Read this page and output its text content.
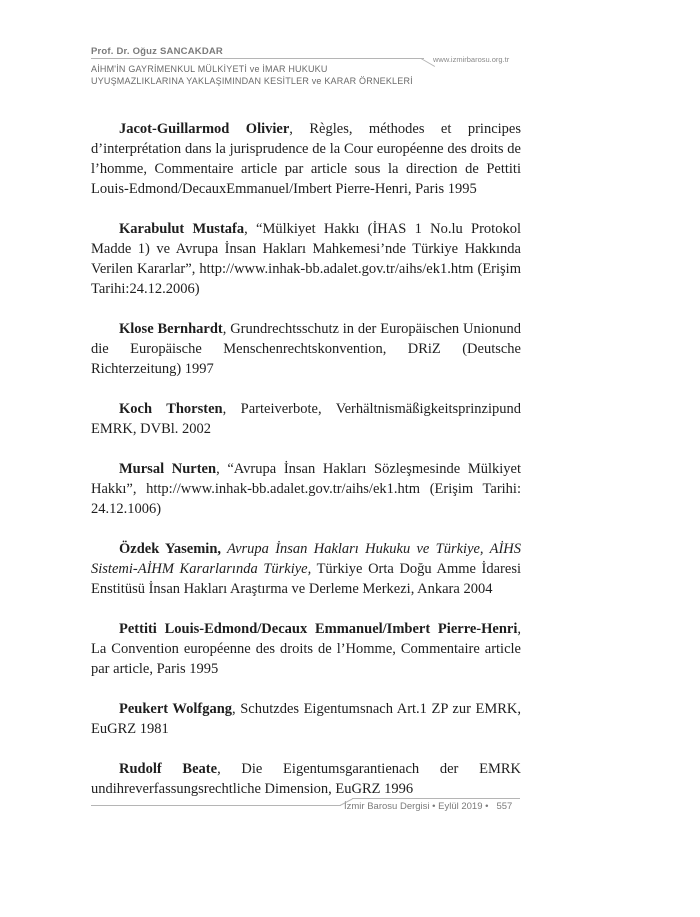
Prof. Dr. Oğuz SANCAKDAR
www.izmirbarosu.org.tr
AİHM'İN GAYRİMENKUL MÜLKİYETİ ve İMAR HUKUKU
UYUŞMAZLIKLARINA YAKLAŞIMINDAN KESİTLER ve KARAR ÖRNEKLERİ

Jacot-Guillarmod Olivier, Règles, méthodes et principes d’interprétation dans la jurisprudence de la Cour européenne des droits de l’homme, Commentaire article par article sous la direction de Pettiti Louis-Edmond/DecauxEmmanuel/Imbert Pierre-Henri, Paris 1995

Karabulut Mustafa, “Mülkiyet Hakkı (İHAS 1 No.lu Protokol Madde 1) ve Avrupa İnsan Hakları Mahkemesi’nde Türkiye Hakkında Verilen Kararlar”, http://www.inhak-bb.adalet.gov.tr/aihs/ek1.htm (Erişim Tarihi:24.12.2006)

Klose Bernhardt, Grundrechtsschutz in der Europäischen Unionund die Europäische Menschenrechtskonvention, DRiZ (Deutsche Richterzeitung) 1997

Koch Thorsten, Parteiverbote, Verhältnismäßigkeitsprinzipund EMRK, DVBl. 2002

Mursal Nurten, “Avrupa İnsan Hakları Sözleşmesinde Mülkiyet Hakkı”, http://www.inhak-bb.adalet.gov.tr/aihs/ek1.htm (Erişim Tarihi: 24.12.1006)

Özdek Yasemin, Avrupa İnsan Hakları Hukuku ve Türkiye, AİHS Sistemi-AİHM Kararlarında Türkiye, Türkiye Orta Doğu Amme İdaresi Enstitüsü İnsan Hakları Araştırma ve Derleme Merkezi, Ankara 2004

Pettiti Louis-Edmond/Decaux Emmanuel/Imbert Pierre-Henri, La Convention européenne des droits de l’Homme, Commentaire article par article, Paris 1995

Peukert Wolfgang, Schutzdes Eigentumsnach Art.1 ZP zur EMRK, EuGRZ 1981

Rudolf Beate, Die Eigentumsgarantienach der EMRK undihreverfassungsrechtliche Dimension, EuGRZ 1996

İzmir Barosu Dergisi • Eylül 2019 • 557
